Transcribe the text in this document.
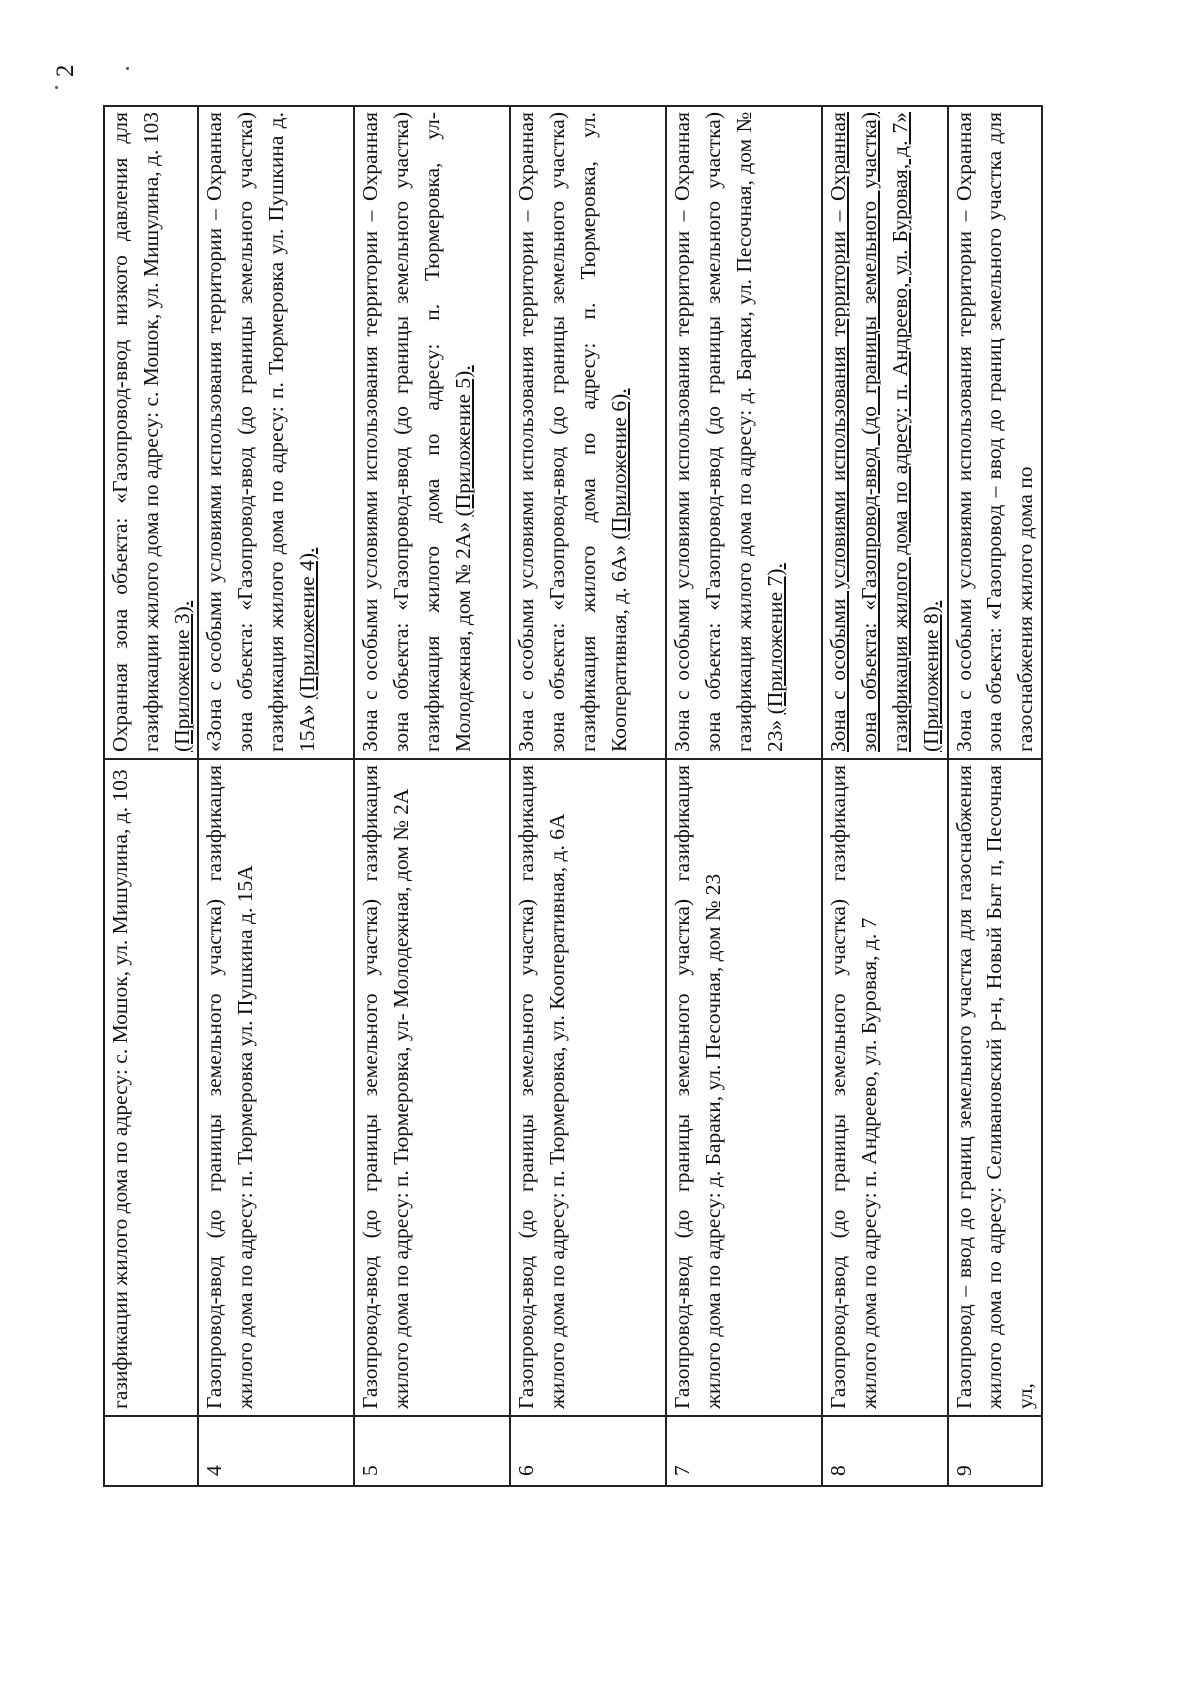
2
	газификации жилого дома по адресу: с. Мошок, ул. Мишулина, д. 103	Охранная зона объекта: «Газопровод-ввод низкого давления для газификации жилого дома по адресу: с. Мошок, ул. Мишулина, д. 103 (Приложение 3).
4	Газопровод-ввод (до границы земельного участка) газификация жилого дома по адресу: п. Тюрмеровка ул. Пушкина д. 15А	«Зона с особыми условиями использования территории – Охранная зона объекта: «Газопровод-ввод (до границы земельного участка) газификация жилого дома по адресу: п. Тюрмеровка ул. Пушкина д. 15А» (Приложение 4).
5	Газопровод-ввод (до границы земельного участка) газификация жилого дома по адресу: п. Тюрмеровка, ул- Молодежная, дом № 2А	Зона с особыми условиями использования территории – Охранная зона объекта: «Газопровод-ввод (до границы земельного участка) газификация жилого дома по адресу: п. Тюрмеровка, ул- Молодежная, дом № 2А» (Приложение 5).
6	Газопровод-ввод (до границы земельного участка) газификация жилого дома по адресу: п. Тюрмеровка, ул. Кооперативная, д. 6А	Зона с особыми условиями использования территории – Охранная зона объекта: «Газопровод-ввод (до границы земельного участка) газификация жилого дома по адресу: п. Тюрмеровка, ул. Кооперативная, д. 6А» (Приложение 6).
7	Газопровод-ввод (до границы земельного участка) газификация жилого дома по адресу: д. Бараки, ул. Песочная, дом № 23	Зона с особыми условиями использования территории – Охранная зона объекта: «Газопровод-ввод (до границы земельного участка) газификация жилого дома по адресу: д. Бараки, ул. Песочная, дом № 23» (Приложение 7).
8	Газопровод-ввод (до границы земельного участка) газификация жилого дома по адресу: п. Андреево, ул. Буровая, д. 7	Зона с особыми условиями использования территории – Охранная зона объекта: «Газопровод-ввод (до границы земельного участка) газификация жилого дома по адресу: п. Андреево, ул. Буровая, д. 7» (Приложение 8).
9	Газопровод – ввод до границ земельного участка для газоснабжения жилого дома по адресу: Селивановский р-н, Новый Быт п, Песочная ул,	Зона с особыми условиями использования территории – Охранная зона объекта: «Газопровод – ввод до границ земельного участка для газоснабжения жилого дома по
